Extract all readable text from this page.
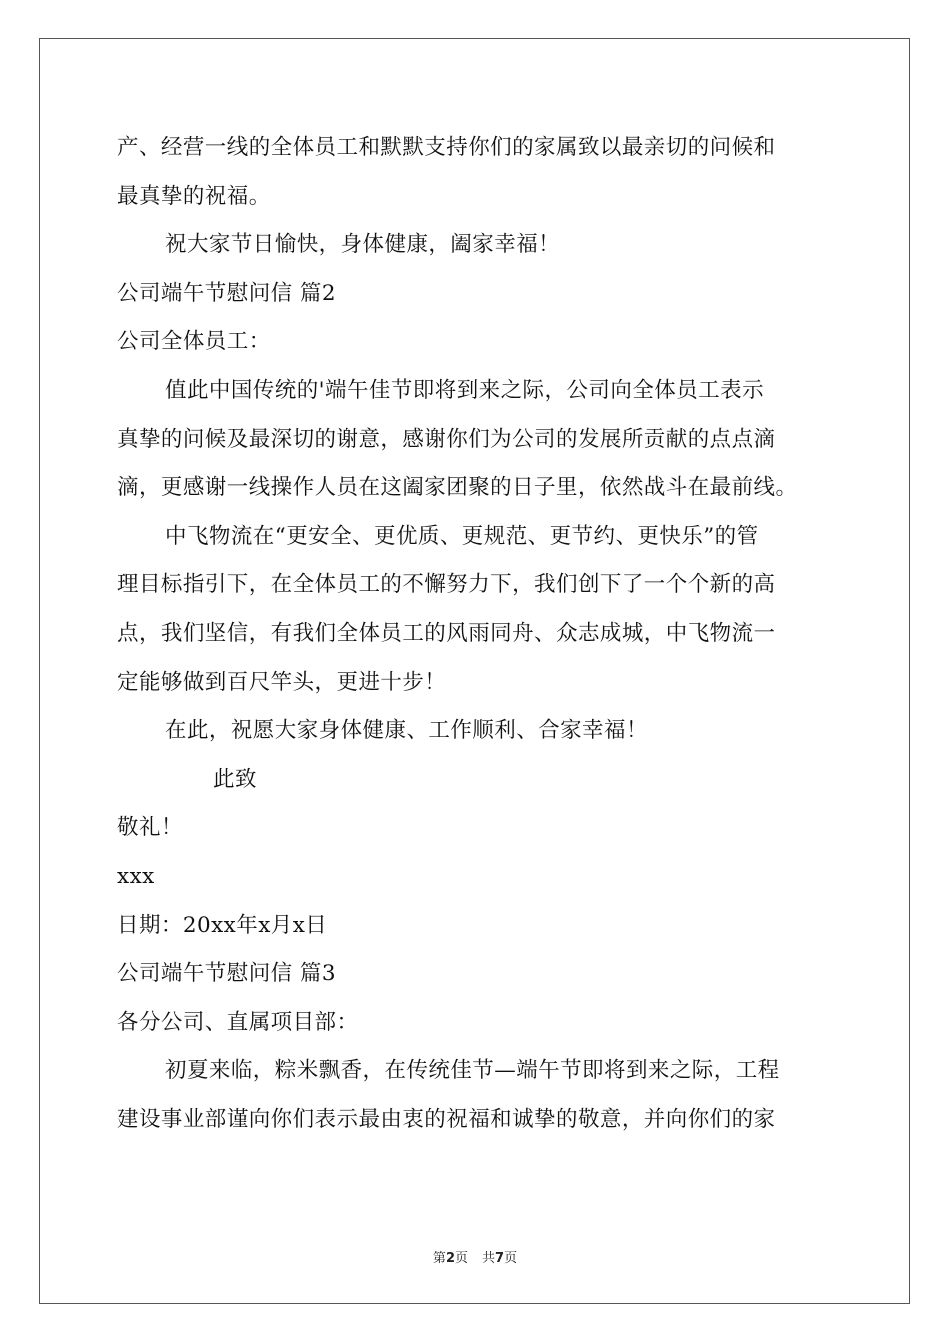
产、经营一线的全体员工和默默支持你们的家属致以最亲切的问候和
最真挚的祝福。
祝大家节日愉快，身体健康，阖家幸福！
公司端午节慰问信 篇2
公司全体员工：
值此中国传统的'端午佳节即将到来之际，公司向全体员工表示
真挚的问候及最深切的谢意，感谢你们为公司的发展所贡献的点点滴
滴，更感谢一线操作人员在这阖家团聚的日子里，依然战斗在最前线。
中飞物流在“更安全、更优质、更规范、更节约、更快乐”的管
理目标指引下，在全体员工的不懈努力下，我们创下了一个个新的高
点，我们坚信，有我们全体员工的风雨同舟、众志成城，中飞物流一
定能够做到百尺竿头，更进十步！
在此，祝愿大家身体健康、工作顺利、合家幸福！
此致
敬礼！
xxx
日期：20xx年x月x日
公司端午节慰问信 篇3
各分公司、直属项目部：
初夏来临，粽米飘香，在传统佳节—端午节即将到来之际，工程
建设事业部谨向你们表示最由衷的祝福和诚挚的敬意，并向你们的家
第2页 共7页
